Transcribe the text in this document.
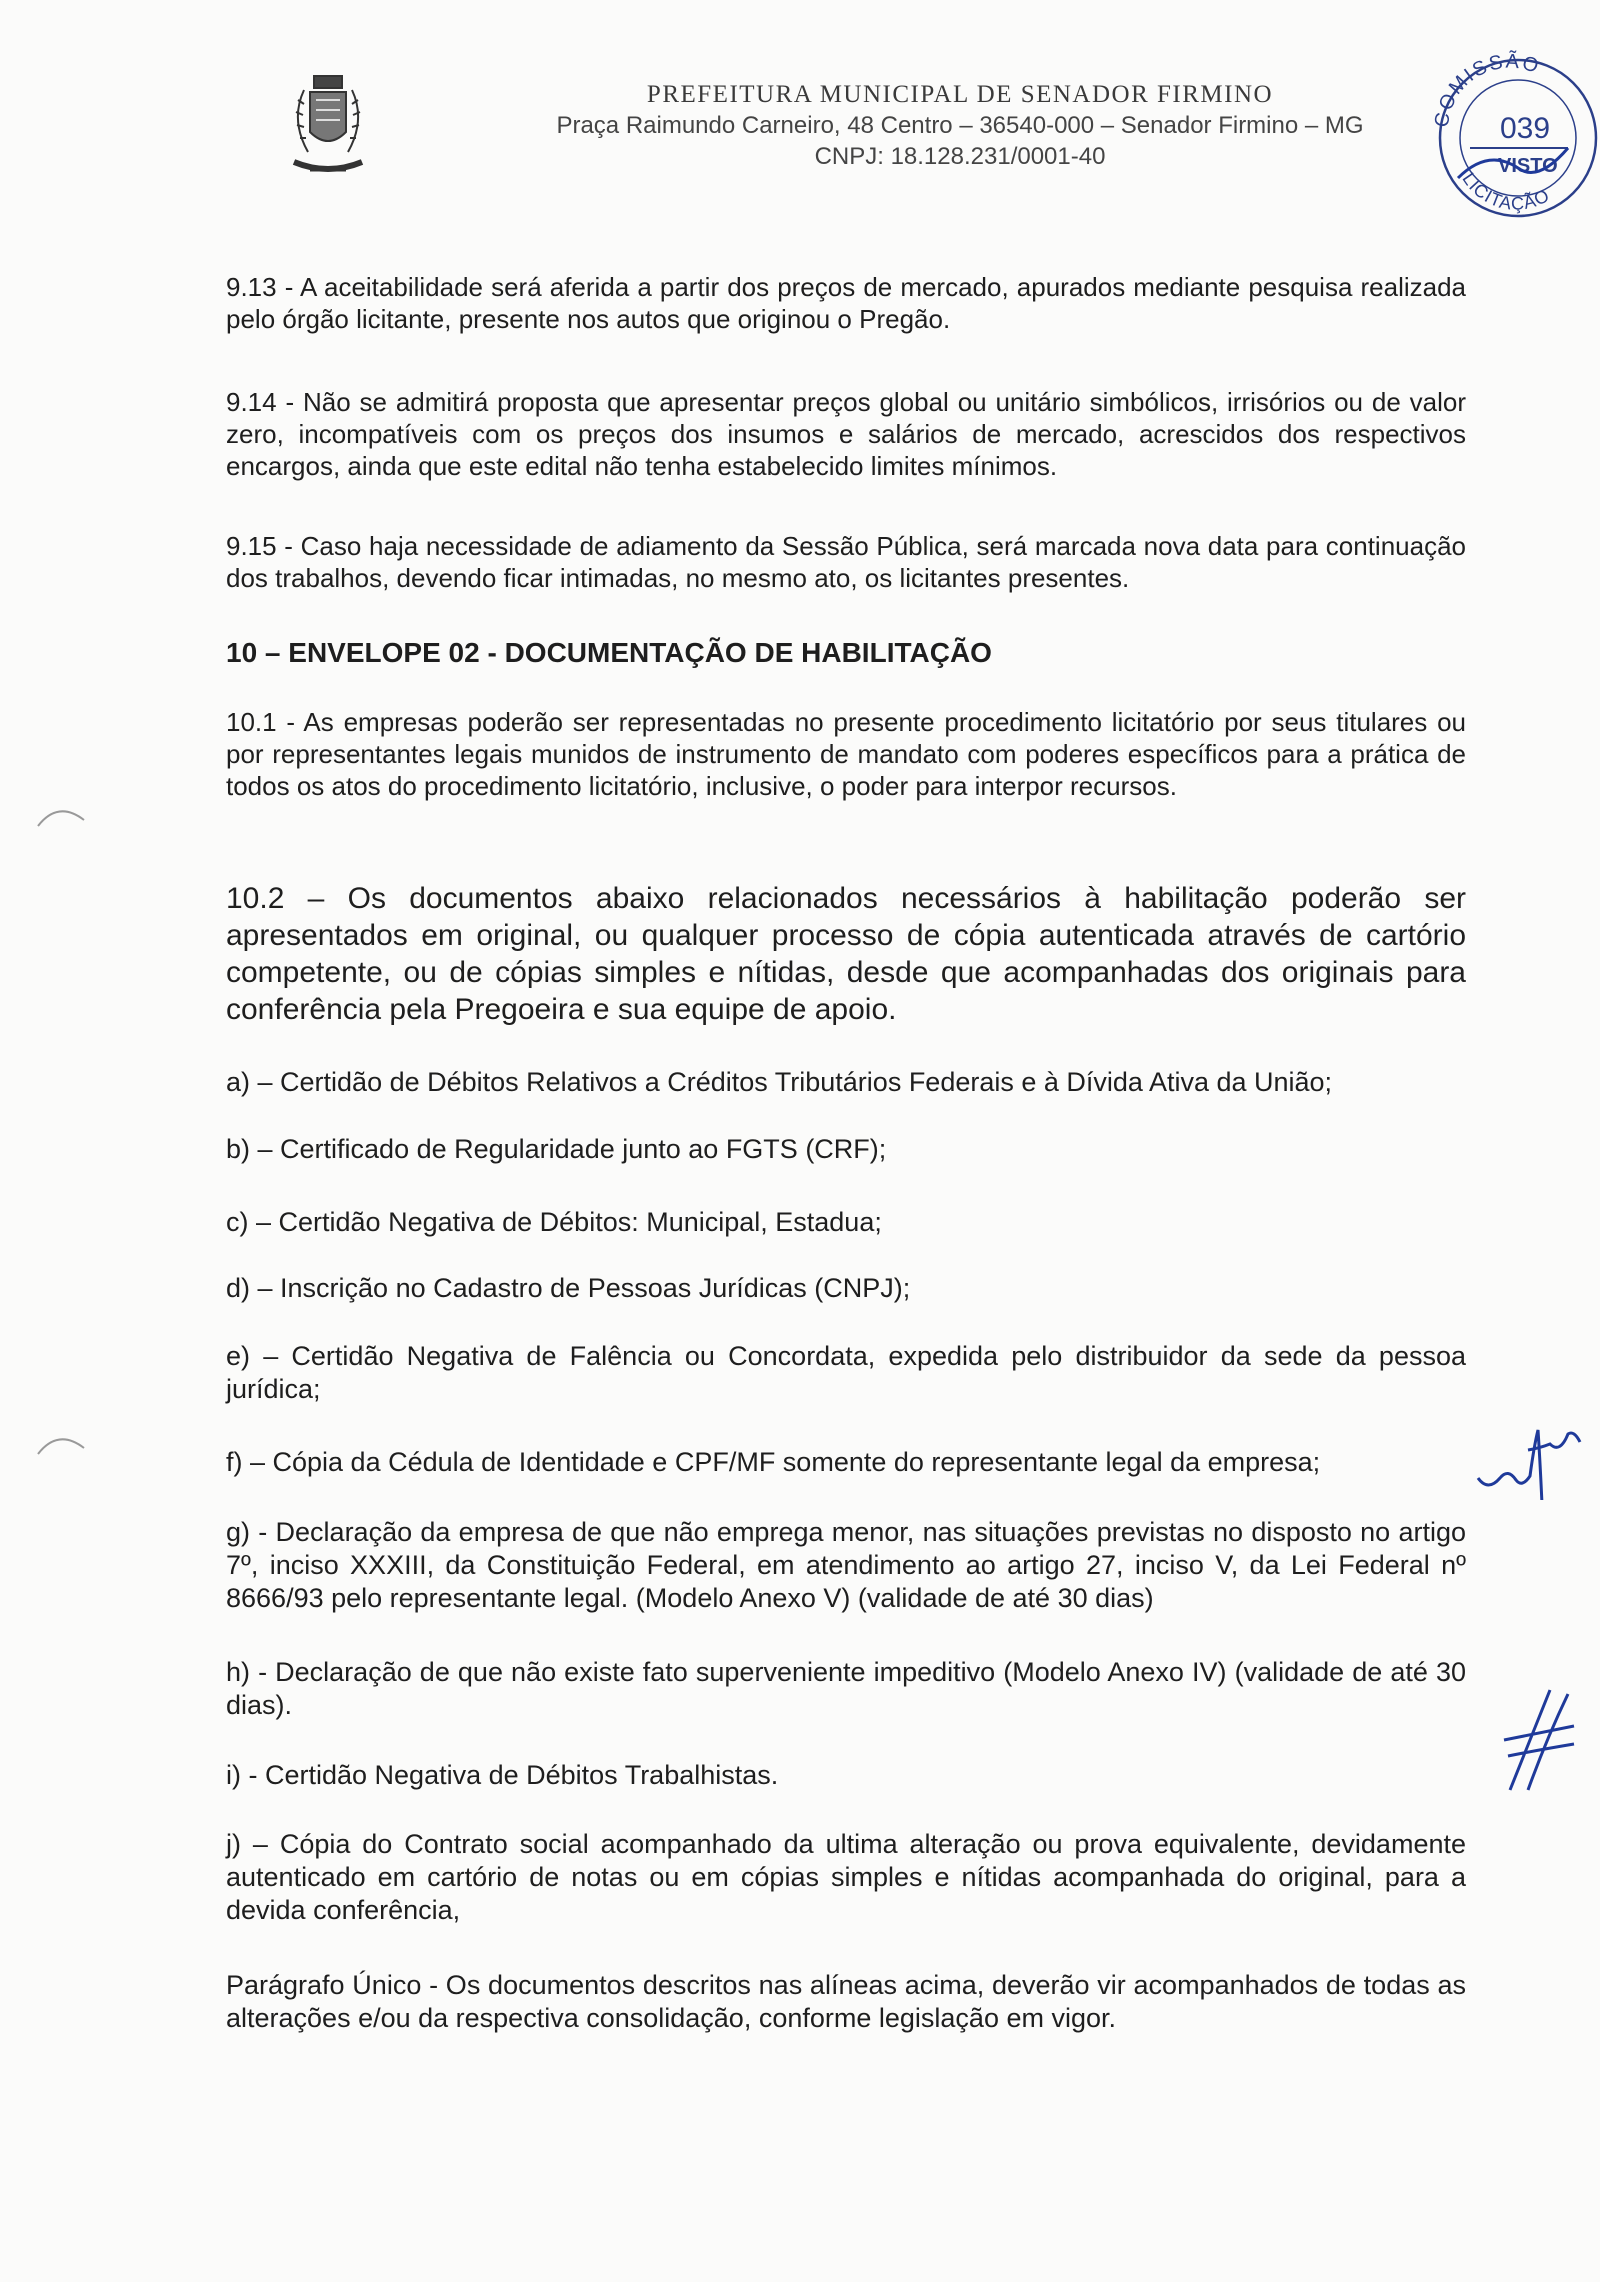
PREFEITURA MUNICIPAL DE SENADOR FIRMINO
Praça Raimundo Carneiro, 48 Centro – 36540-000 – Senador Firmino – MG
CNPJ: 18.128.231/0001-40
COMISSÃO
039
VISTO
LICITAÇÃO
9.13 - A aceitabilidade será aferida a partir dos preços de mercado, apurados mediante pesquisa realizada pelo órgão licitante, presente nos autos que originou o Pregão.
9.14 - Não se admitirá proposta que apresentar preços global ou unitário simbólicos, irrisórios ou de valor zero, incompatíveis com os preços dos insumos e salários de mercado, acrescidos dos respectivos encargos, ainda que este edital não tenha estabelecido limites mínimos.
9.15 - Caso haja necessidade de adiamento da Sessão Pública, será marcada nova data para continuação dos trabalhos, devendo ficar intimadas, no mesmo ato, os licitantes presentes.
10 – ENVELOPE 02 - DOCUMENTAÇÃO DE HABILITAÇÃO
10.1 - As empresas poderão ser representadas no presente procedimento licitatório por seus titulares ou por representantes legais munidos de instrumento de mandato com poderes específicos para a prática de todos os atos do procedimento licitatório, inclusive, o poder para interpor recursos.
10.2 – Os documentos abaixo relacionados necessários à habilitação poderão ser apresentados em original, ou qualquer processo de cópia autenticada através de cartório competente, ou de cópias simples e nítidas, desde que acompanhadas dos originais para conferência pela Pregoeira e sua equipe de apoio.
a) – Certidão de Débitos Relativos a Créditos Tributários Federais e à Dívida Ativa da União;
b) – Certificado de Regularidade junto ao FGTS (CRF);
c) – Certidão Negativa de Débitos: Municipal, Estadua;
d) – Inscrição no Cadastro de Pessoas Jurídicas (CNPJ);
e) – Certidão Negativa de Falência ou Concordata, expedida pelo distribuidor da sede da pessoa jurídica;
f) – Cópia da Cédula de Identidade e CPF/MF somente do representante legal da empresa;
g) - Declaração da empresa de que não emprega menor, nas situações previstas no disposto no artigo 7º, inciso XXXIII, da Constituição Federal, em atendimento ao artigo 27, inciso V, da Lei Federal nº 8666/93 pelo representante legal. (Modelo Anexo V) (validade de até 30 dias)
h) - Declaração de que não existe fato superveniente impeditivo (Modelo Anexo IV) (validade de até 30 dias).
i) - Certidão Negativa de Débitos Trabalhistas.
j) – Cópia do Contrato social acompanhado da ultima alteração ou prova equivalente, devidamente autenticado em cartório de notas ou em cópias simples e nítidas acompanhada do original, para a devida conferência,
Parágrafo Único - Os documentos descritos nas alíneas acima, deverão vir acompanhados de todas as alterações e/ou da respectiva consolidação, conforme legislação em vigor.
